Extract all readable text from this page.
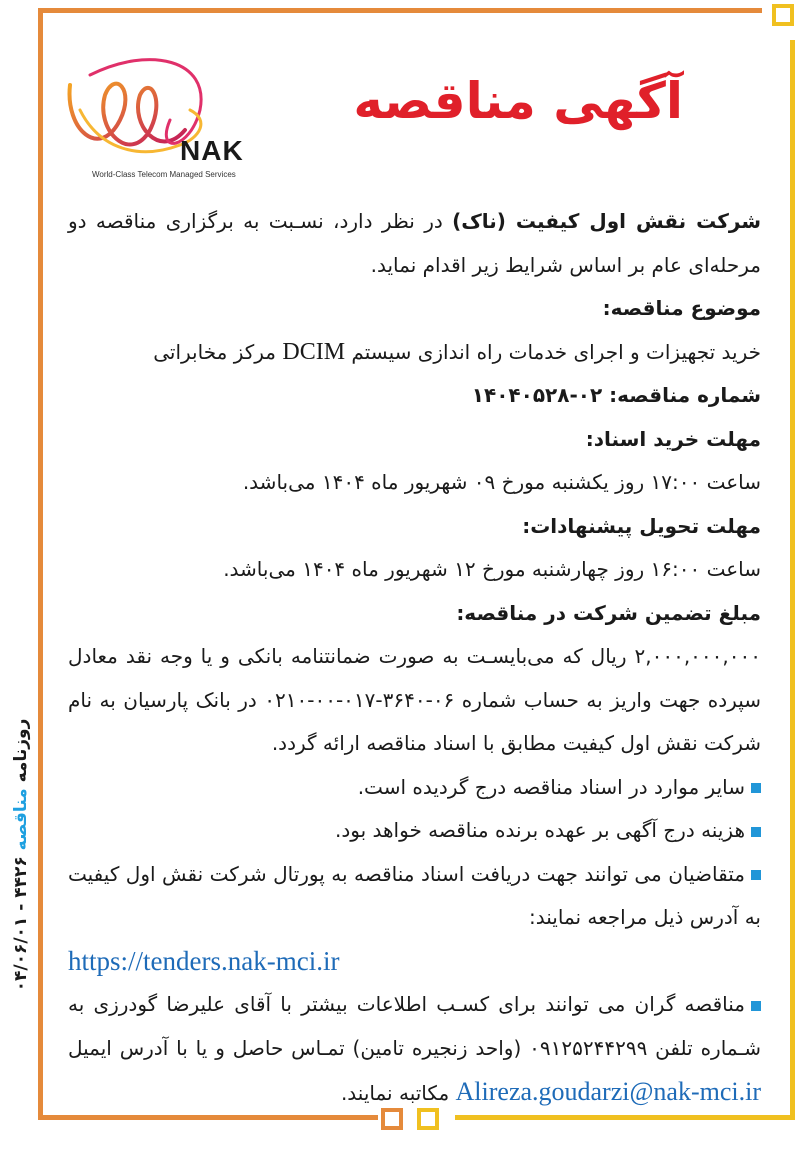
NAK
World-Class Telecom Managed Services
آگهی مناقصه

شرکت نقش اول کیفیت (ناک) در نظر دارد، نسـبت به برگزاری مناقصه دو مرحله‌ای عام بر اساس شرایط زیر اقدام نماید.

موضوع مناقصه:

خرید تجهیزات و اجرای خدمات راه اندازی سیستم DCIM مرکز مخابراتی

شماره مناقصه: ۱۴۰۴۰۵۲۸-۰۲

مهلت خرید اسناد:

ساعت ۱۷:۰۰ روز یکشنبه مورخ ۰۹ شهریور ماه ۱۴۰۴ می‌باشد.

مهلت تحویل پیشنهادات:

ساعت ۱۶:۰۰ روز چهارشنبه مورخ ۱۲ شهریور ماه ۱۴۰۴ می‌باشد.

مبلغ تضمین شرکت در مناقصه:

۲,۰۰۰,۰۰۰,۰۰۰ ریال که می‌بایسـت به صورت ضمانتنامه بانکی و یا وجه نقد معادل سپرده جهت واریز به حساب شماره ۰۶-۳۶۴۰-۰۱۷-۰۰-۰۲۱۰ در بانک پارسیان به نام شرکت نقش اول کیفیت مطابق با اسناد مناقصه ارائه گردد.

سایر موارد در اسناد مناقصه درج گردیده است.

هزینه درج آگهی بر عهده برنده مناقصه خواهد بود.

متقاضیان می توانند جهت دریافت اسناد مناقصه به پورتال شرکت نقش اول کیفیت به آدرس ذیل مراجعه نمایند:

https://tenders.nak-mci.ir

مناقصه گران می توانند برای کسـب اطلاعات بیشتر با آقای علیرضا گودرزی به شـماره تلفن ۰۹۱۲۵۲۴۴۲۹۹ (واحد زنجیره تامین) تمـاس حاصل و یا با آدرس ایمیل Alireza.goudarzi@nak-mci.ir مکاتبه نمایند.

روزنامه مناقصه ۴۴۲۶ - ۰۴/۰۶/۰۱
